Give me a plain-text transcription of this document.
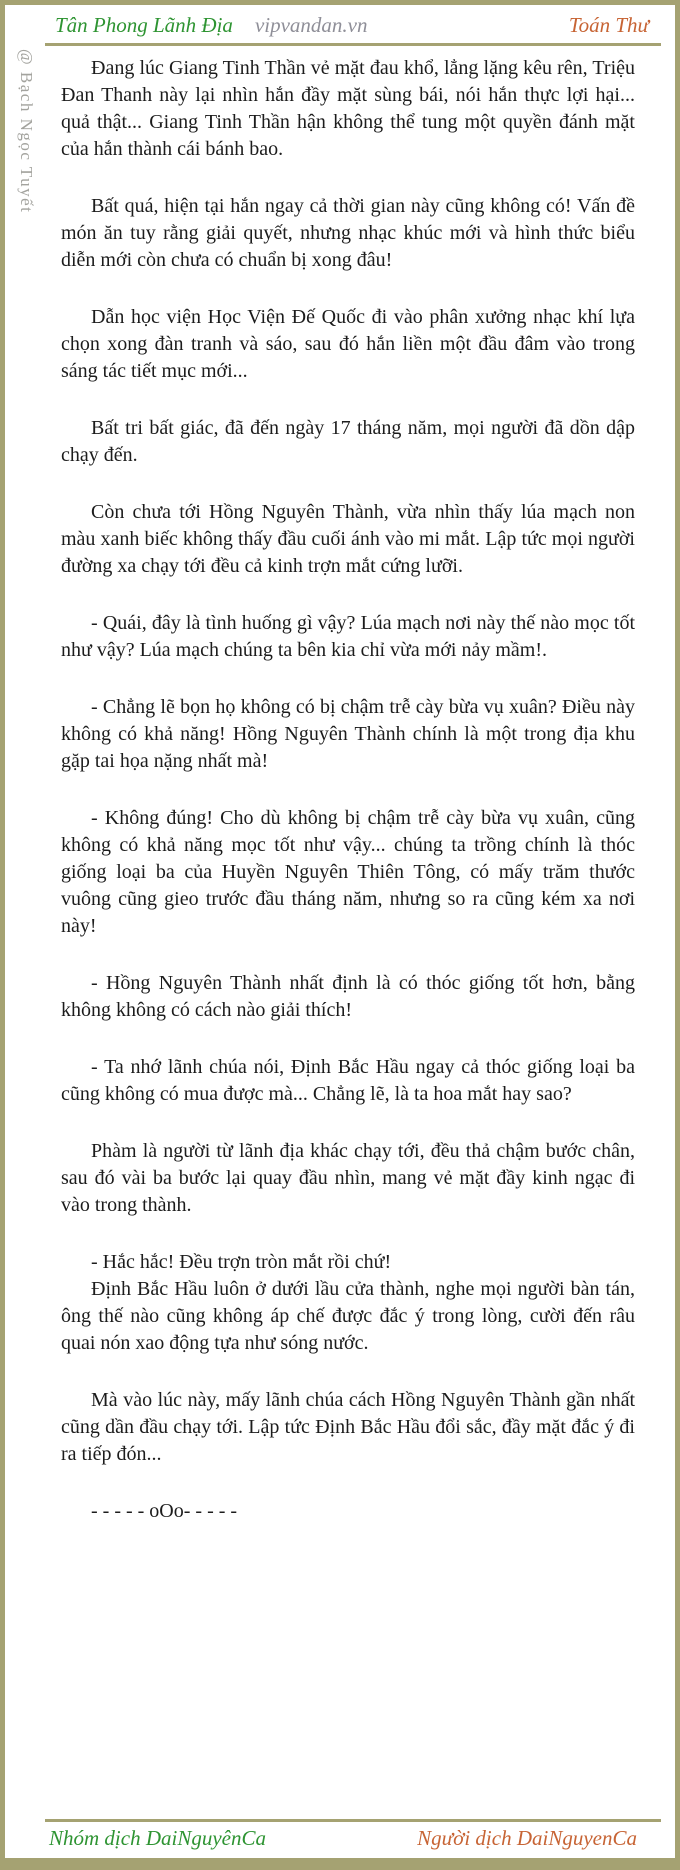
Tân Phong Lãnh Địa vipvandan.vn	Toán Thư
@ Bạch Ngọc Tuyết	Đang lúc Giang Tinh Thần vẻ mặt đau khổ, lẳng lặng kêu rên, Triệu Đan Thanh này lại nhìn hắn đầy mặt sùng bái, nói hắn thực lợi hại... quả thật... Giang Tinh Thần hận không thể tung một quyền đánh mặt của hắn thành cái bánh bao.

Bất quá, hiện tại hắn ngay cả thời gian này cũng không có! Vấn đề món ăn tuy rằng giải quyết, nhưng nhạc khúc mới và hình thức biểu diễn mới còn chưa có chuẩn bị xong đâu!

Dẫn học viện Học Viện Đế Quốc đi vào phân xưởng nhạc khí lựa chọn xong đàn tranh và sáo, sau đó hắn liền một đầu đâm vào trong sáng tác tiết mục mới...

Bất tri bất giác, đã đến ngày 17 tháng năm, mọi người đã dồn dập chạy đến.

Còn chưa tới Hồng Nguyên Thành, vừa nhìn thấy lúa mạch non màu xanh biếc không thấy đầu cuối ánh vào mi mắt. Lập tức mọi người đường xa chạy tới đều cả kinh trợn mắt cứng lưỡi.

- Quái, đây là tình huống gì vậy? Lúa mạch nơi này thế nào mọc tốt như vậy? Lúa mạch chúng ta bên kia chỉ vừa mới nảy mầm!.

- Chẳng lẽ bọn họ không có bị chậm trễ cày bừa vụ xuân? Điều này không có khả năng! Hồng Nguyên Thành chính là một trong địa khu gặp tai họa nặng nhất mà!

- Không đúng! Cho dù không bị chậm trễ cày bừa vụ xuân, cũng không có khả năng mọc tốt như vậy... chúng ta trồng chính là thóc giống loại ba của Huyền Nguyên Thiên Tông, có mấy trăm thước vuông cũng gieo trước đầu tháng năm, nhưng so ra cũng kém xa nơi này!

- Hồng Nguyên Thành nhất định là có thóc giống tốt hơn, bằng không không có cách nào giải thích!

- Ta nhớ lãnh chúa nói, Định Bắc Hầu ngay cả thóc giống loại ba cũng không có mua được mà... Chẳng lẽ, là ta hoa mắt hay sao?

Phàm là người từ lãnh địa khác chạy tới, đều thả chậm bước chân, sau đó vài ba bước lại quay đầu nhìn, mang vẻ mặt đầy kinh ngạc đi vào trong thành.

- Hắc hắc! Đều trợn tròn mắt rồi chứ!

Định Bắc Hầu luôn ở dưới lầu cửa thành, nghe mọi người bàn tán, ông thế nào cũng không áp chế được đắc ý trong lòng, cười đến râu quai nón xao động tựa như sóng nước.

Mà vào lúc này, mấy lãnh chúa cách Hồng Nguyên Thành gần nhất cũng dần đầu chạy tới. Lập tức Định Bắc Hầu đổi sắc, đầy mặt đắc ý đi ra tiếp đón...

- - - - - oOo- - - - -

Nhóm dịch DaiNguyênCa	Người dịch DaiNguyenCa
